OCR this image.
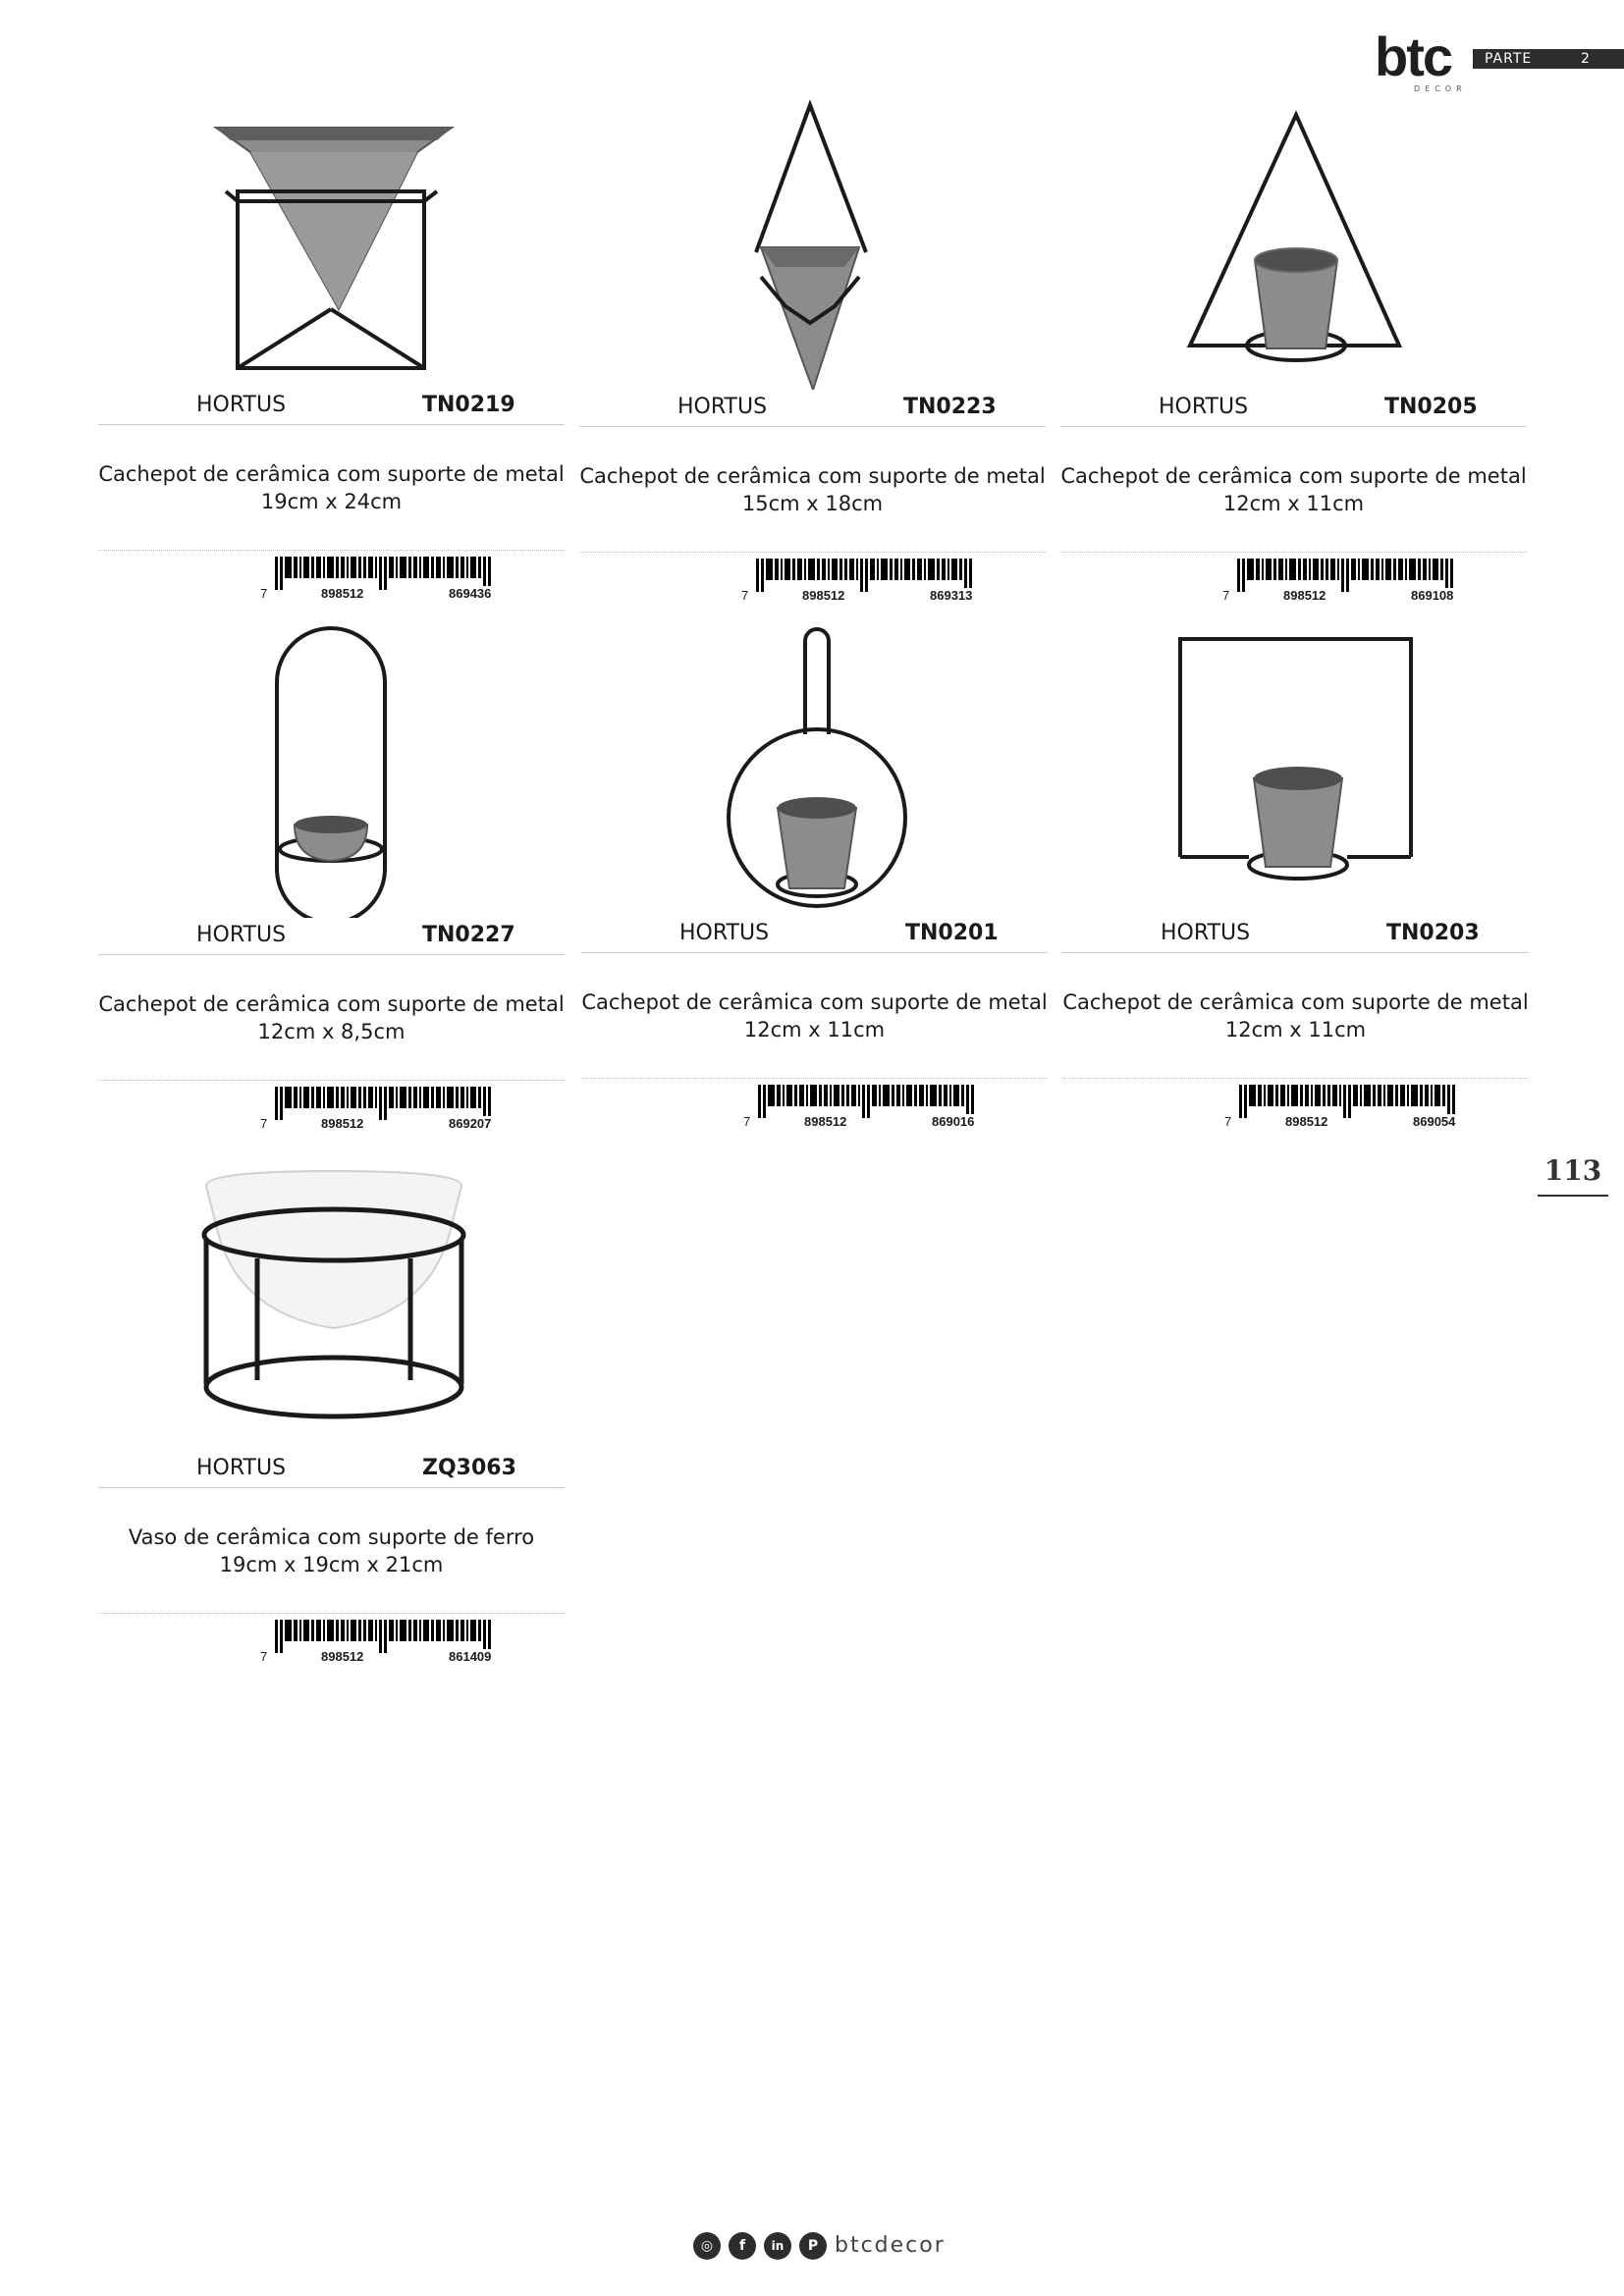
btc
DECOR
PARTE	2
113
HORTUS	TN0219
Cachepot de cerâmica com suporte de metal
19cm x 24cm
7	898512	869436
HORTUS	TN0223
Cachepot de cerâmica com suporte de metal
15cm x 18cm
7	898512	869313
HORTUS	TN0205
Cachepot de cerâmica com suporte de metal
12cm x 11cm
7	898512	869108
HORTUS	TN0227
Cachepot de cerâmica com suporte de metal
12cm x 8,5cm
7	898512	869207
HORTUS	TN0201
Cachepot de cerâmica com suporte de metal
12cm x 11cm
7	898512	869016
HORTUS	TN0203
Cachepot de cerâmica com suporte de metal
12cm x 11cm
7	898512	869054
HORTUS	ZQ3063
Vaso de cerâmica com suporte de ferro
19cm x 19cm x 21cm
7	898512	861409
◎	f	in	P btcdecor
